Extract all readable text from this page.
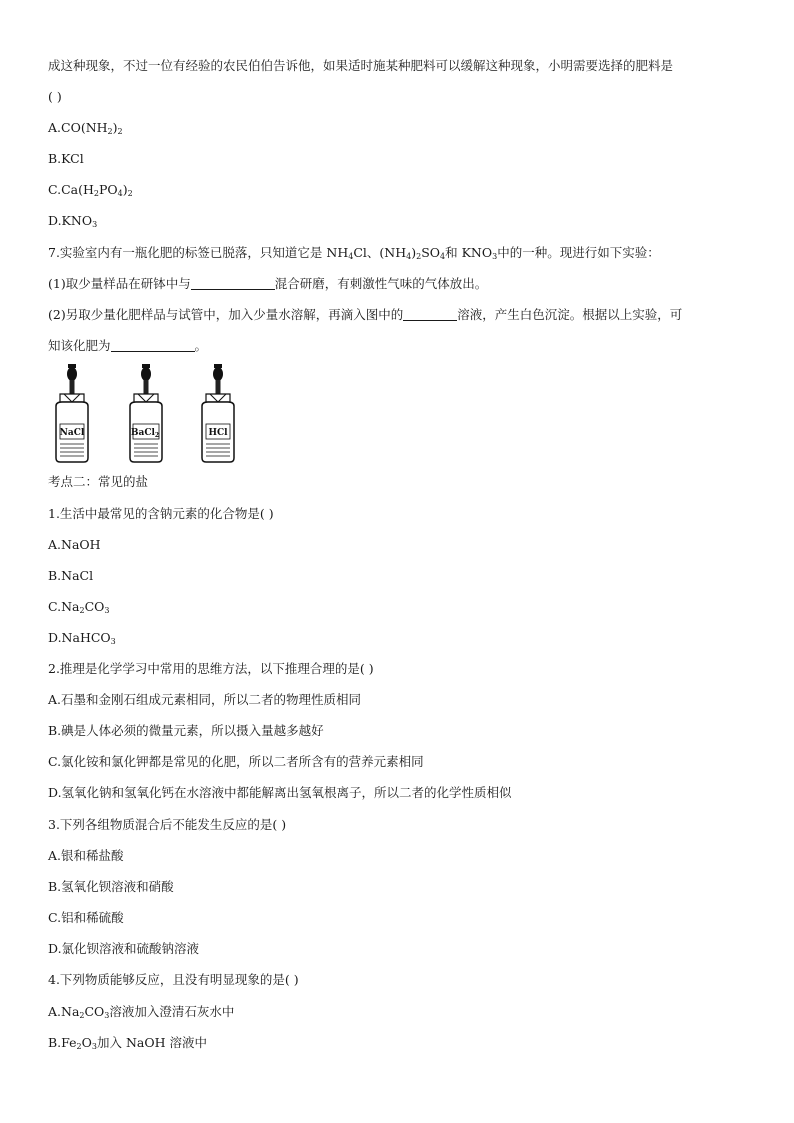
成这种现象，不过一位有经验的农民伯伯告诉他，如果适时施某种肥料可以缓解这种现象，小明需要选择的肥料是
( )
$A.CO(NH_2)_2$
B.KCl
$C.Ca(H_2PO_4)_2$
$D.KNO_3$
7.实验室内有一瓶化肥的标签已脱落，只知道它是 $NH_4Cl$、$(NH_4)_2SO_4$和 $KNO_3$中的一种。现进行如下实验：
(1)取少量样品在研钵中与	混合研磨，有刺激性气味的气体放出。
(2)另取少量化肥样品与试管中，加入少量水溶解，再滴入图中的	溶液，产生白色沉淀。根据以上实验，可
知该化肥为	。
NaCl	BaCl$_2$	HCl
考点二：常见的盐
1.生活中最常见的含钠元素的化合物是( )
A.NaOH
B.NaCl
$C.Na_2CO_3$
D.NaHCO$_3$
2.推理是化学学习中常用的思维方法，以下推理合理的是( )
A.石墨和金刚石组成元素相同，所以二者的物理性质相同
B.碘是人体必须的微量元素，所以摄入量越多越好
C.氯化铵和氯化钾都是常见的化肥，所以二者所含有的营养元素相同
D.氢氧化钠和氢氧化钙在水溶液中都能解离出氢氧根离子，所以二者的化学性质相似
3.下列各组物质混合后不能发生反应的是( )
A.银和稀盐酸
B.氢氧化钡溶液和硝酸
C.铝和稀硫酸
D.氯化钡溶液和硫酸钠溶液
4.下列物质能够反应，且没有明显现象的是( )
$A.Na_2CO_3$溶液加入澄清石灰水中
$B.Fe_2O_3$加入 NaOH 溶液中
